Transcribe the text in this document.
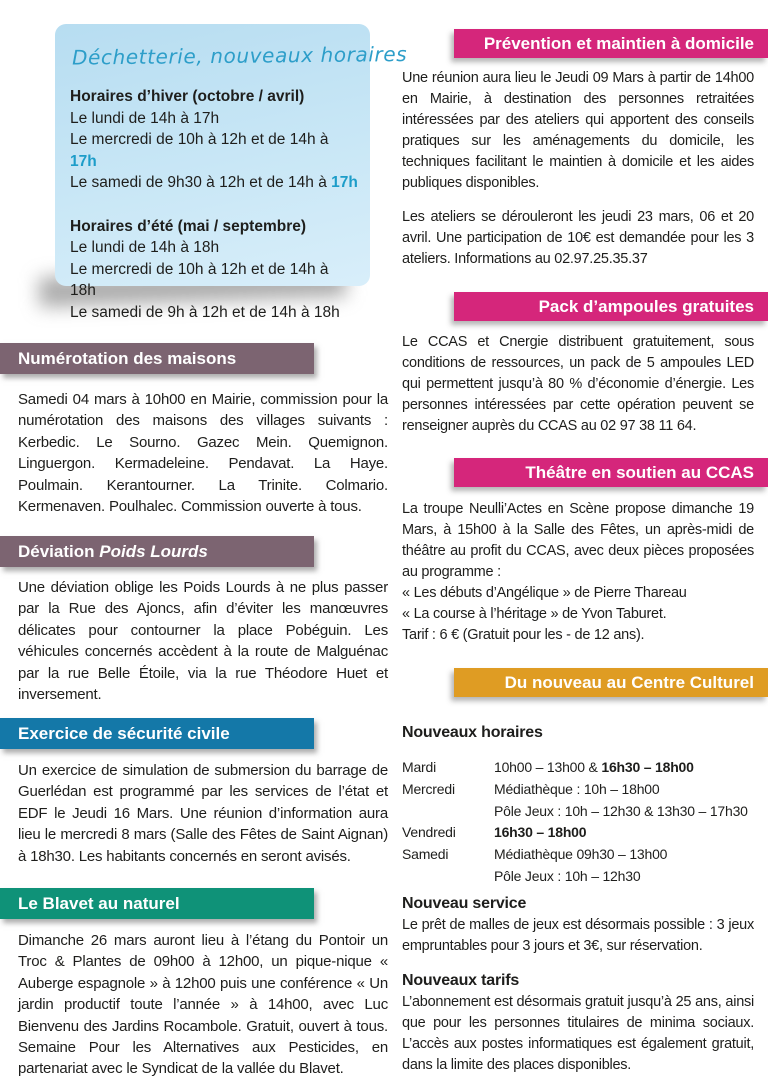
Déchetterie, nouveaux horaires
Horaires d’hiver (octobre / avril)
Le lundi de 14h à 17h
Le mercredi de 10h à 12h et de 14h à 17h
Le samedi de 9h30 à 12h et de 14h à 17h
Horaires d’été (mai / septembre)
Le lundi de 14h à 18h
Le mercredi de 10h à 12h et de 14h à 18h
Le samedi de 9h à 12h et de 14h à 18h
Numérotation des maisons
Samedi 04 mars à 10h00 en Mairie, commission pour la numérotation des maisons des villages suivants : Kerbedic. Le Sourno. Gazec Mein. Quemignon. Linguergon. Kermadeleine. Pendavat. La Haye. Poulmain. Kerantourner. La Trinite. Colmario. Kermenaven. Poulhalec. Commission ouverte à tous.
Déviation Poids Lourds
Une déviation oblige les Poids Lourds à ne plus passer par la Rue des Ajoncs, afin d’éviter les manœuvres délicates pour contourner la place Pobéguin. Les véhicules concernés accèdent à la route de Malguénac par la rue Belle Étoile, via la rue Théodore Huet et inversement.
Exercice de sécurité civile
Un exercice de simulation de submersion du barrage de Guerlédan est programmé par les services de l’état et EDF le Jeudi 16 Mars. Une réunion d’information aura lieu le mercredi 8 mars (Salle des Fêtes de Saint Aignan) à 18h30. Les habitants concernés en seront avisés.
Le Blavet au naturel
Dimanche 26 mars auront lieu à l’étang du Pontoir un Troc & Plantes de 09h00 à 12h00, un pique-nique « Auberge espagnole » à 12h00 puis une conférence « Un jardin productif toute l’année » à 14h00, avec Luc Bienvenu des Jardins Rocambole. Gratuit, ouvert à tous. Semaine Pour les Alternatives aux Pesticides, en partenariat avec le Syndicat de la vallée du Blavet.
Prévention et maintien à domicile

Une réunion aura lieu le Jeudi 09 Mars à partir de 14h00 en Mairie, à destination des personnes retraitées intéressées par des ateliers qui apportent des conseils pratiques sur les aménagements du domicile, les techniques facilitant le maintien à domicile et les aides publiques disponibles.

Les ateliers se dérouleront les jeudi 23 mars, 06 et 20 avril. Une participation de 10€ est demandée pour les 3 ateliers. Informations au 02.97.25.35.37

Pack d’ampoules gratuites

Le CCAS et Cnergie distribuent gratuitement, sous conditions de ressources, un pack de 5 ampoules LED qui permettent jusqu’à 80 % d’économie d’énergie. Les personnes intéressées par cette opération peuvent se renseigner auprès du CCAS au 02 97 38 11 64.

Théâtre en soutien au CCAS

La troupe Neulli’Actes en Scène propose dimanche 19 Mars, à 15h00 à la Salle des Fêtes, un après-midi de théâtre au profit du CCAS, avec deux pièces proposées au programme :

« Les débuts d’Angélique » de Pierre Thareau
« La course à l’héritage » de Yvon Taburet.
Tarif : 6 € (Gratuit pour les - de 12 ans).
Du nouveau au Centre Culturel
Nouveaux horaires
Mardi	10h00 – 13h00 & 16h30 – 18h00
Mercredi	Médiathèque : 10h – 18h00
Pôle Jeux : 10h – 12h30 & 13h30 – 17h30
Vendredi	16h30 – 18h00
Samedi	Médiathèque 09h30 – 13h00
Pôle Jeux : 10h – 12h30
Nouveau service

Le prêt de malles de jeux est désormais possible : 3 jeux empruntables pour 3 jours et 3€, sur réservation.

Nouveaux tarifs

L’abonnement est désormais gratuit jusqu’à 25 ans, ainsi que pour les personnes titulaires de minima sociaux. L’accès aux postes informatiques est également gratuit, dans la limite des places disponibles.
